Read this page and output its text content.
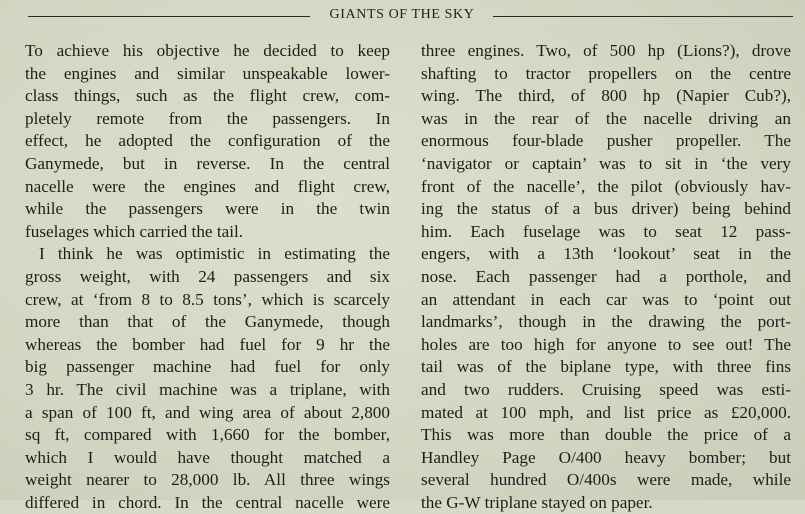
GIANTS OF THE SKY
To achieve his objective he decided to keep
the engines and similar unspeakable lower-
class things, such as the flight crew, com-
pletely remote from the passengers. In
effect, he adopted the configuration of the
Ganymede, but in reverse. In the central
nacelle were the engines and flight crew,
while the passengers were in the twin
fuselages which carried the tail.
I think he was optimistic in estimating the
gross weight, with 24 passengers and six
crew, at ‘from 8 to 8.5 tons’, which is scarcely
more than that of the Ganymede, though
whereas the bomber had fuel for 9 hr the
big passenger machine had fuel for only
3 hr. The civil machine was a triplane, with
a span of 100 ft, and wing area of about 2,800
sq ft, compared with 1,660 for the bomber,
which I would have thought matched a
weight nearer to 28,000 lb. All three wings
differed in chord. In the central nacelle were
three engines. Two, of 500 hp (Lions?), drove
shafting to tractor propellers on the centre
wing. The third, of 800 hp (Napier Cub?),
was in the rear of the nacelle driving an
enormous four-blade pusher propeller. The
‘navigator or captain’ was to sit in ‘the very
front of the nacelle’, the pilot (obviously hav-
ing the status of a bus driver) being behind
him. Each fuselage was to seat 12 pass-
engers, with a 13th ‘lookout’ seat in the
nose. Each passenger had a porthole, and
an attendant in each car was to ‘point out
landmarks’, though in the drawing the port-
holes are too high for anyone to see out! The
tail was of the biplane type, with three fins
and two rudders. Cruising speed was esti-
mated at 100 mph, and list price as £20,000.
This was more than double the price of a
Handley Page O/400 heavy bomber; but
several hundred O/400s were made, while
the G-W triplane stayed on paper.
